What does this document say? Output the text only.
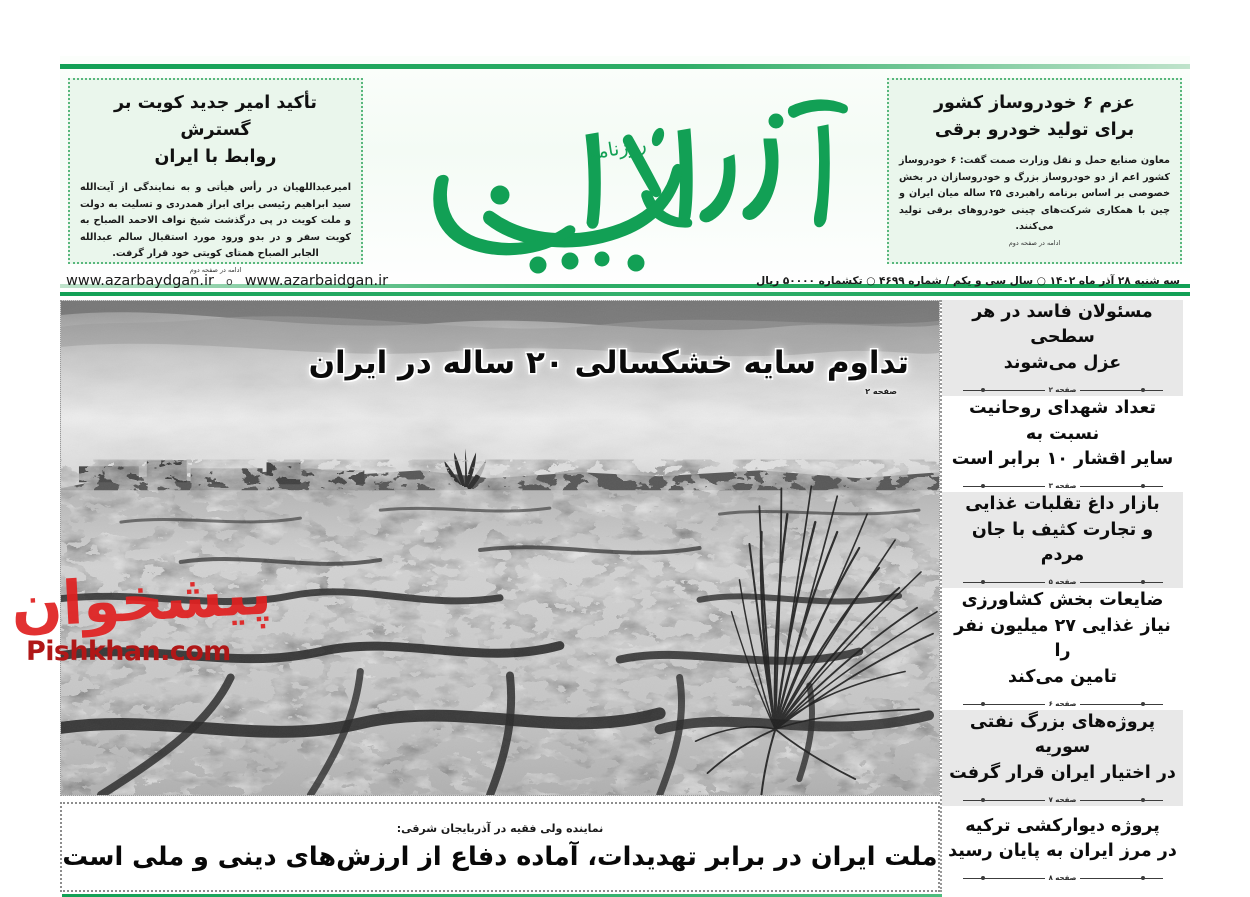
عزم ۶ خودروساز کشور
برای تولید خودرو برقی

معاون صنایع حمل و نقل وزارت صمت گفت: ۶ خودروساز کشور اعم از دو خودروساز بزرگ و خودروسازان در بخش خصوصی بر اساس برنامه راهبردی ۲۵ ساله میان ایران و چین با همکاری شرکت‌های چینی خودروهای برقی تولید می‌کنند.

ادامه در صفحه دوم
روزنامه
تأکید امیر جدید کویت بر گسترش
روابط با ایران

امیرعبداللهیان در رأس هیأتی و به نمایندگی از آیت‌الله سید ابراهیم رئیسی برای ابراز همدردی و تسلیت به دولت و ملت کویت در پی درگذشت شیخ نواف الاحمد الصباح به کویت سفر و در بدو ورود مورد استقبال سالم عبدالله الجابر الصباح همتای کویتی خود قرار گرفت.

ادامه در صفحه دوم
سه شنبه ۲۸ آذر ماه ۱۴۰۲ ○ سال سی و یکم / شماره ۴۶۹۹ ○ تکشماره ۵۰۰۰۰ ریال
www.azarbaydgan.ir o www.azarbaidgan.ir
تداوم سایه خشکسالی ۲۰ ساله در ایران
صفحه ۲
نماینده ولی فقیه در آذربایجان شرقی:
ملت ایران در برابر تهدیدات، آماده دفاع از ارزش‌های دینی و ملی است
مسئولان فاسد در هر سطحی
عزل می‌شوند
صفحه ۲
تعداد شهدای روحانیت نسبت به
سایر اقشار ۱۰ برابر است
صفحه ۳
بازار داغ تقلبات غذایی
و تجارت کثیف با جان مردم
صفحه ۵
ضایعات بخش کشاورزی
نیاز غذایی ۲۷ میلیون نفر را
تامین می‌کند
صفحه ۶
پروژه‌های بزرگ نفتی سوریه
در اختیار ایران قرار گرفت
صفحه ۷
پروژه دیوارکشی ترکیه
در مرز ایران به پایان رسید
صفحه ۸
پیشخوان
Pishkhan.com
